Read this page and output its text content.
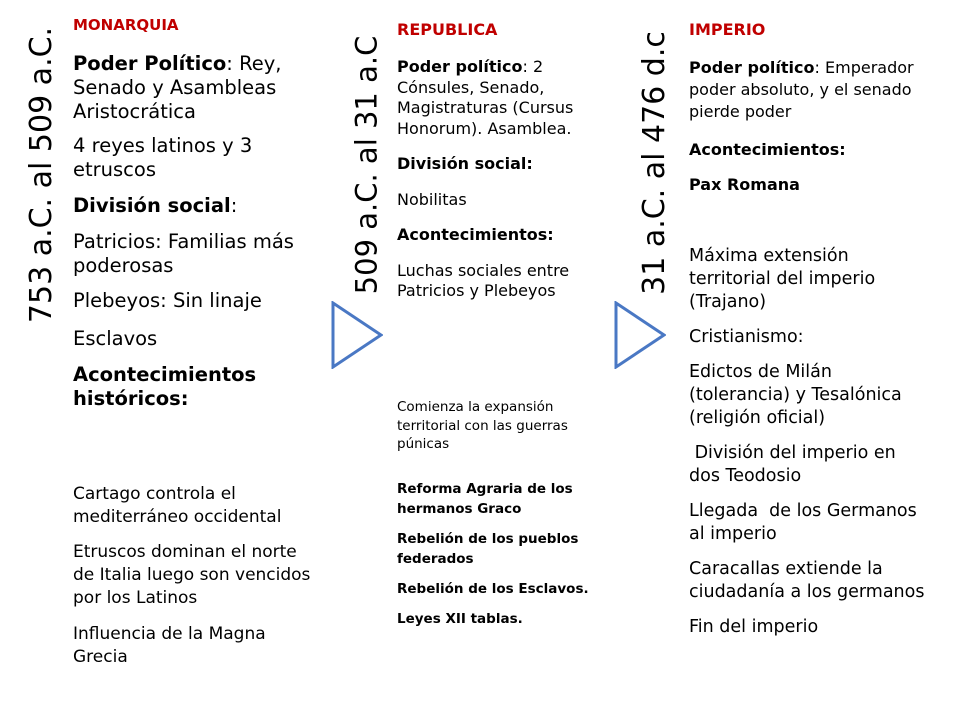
753 a.C. al 509 a.C.	509 a.C. al 31 a.C	31 a.C. al 476 d.c

MONARQUIA

Poder Político: Rey, Senado y Asambleas Aristocrática

4 reyes latinos y 3 etruscos

División social:

Patricios: Familias más poderosas

Plebeyos: Sin linaje

Esclavos

Acontecimientos históricos:

Cartago controla el mediterráneo occidental

Etruscos dominan el norte de Italia luego son vencidos por los Latinos

Influencia de la Magna Grecia

REPUBLICA

Poder político: 2 Cónsules, Senado, Magistraturas (Cursus Honorum). Asamblea.

División social:

Nobilitas

Acontecimientos:

Luchas sociales entre Patricios y Plebeyos

Comienza la expansión territorial con las guerras púnicas

Reforma Agraria de los hermanos Graco

Rebelión de los pueblos federados

Rebelión de los Esclavos.

Leyes XII tablas.

IMPERIO

Poder político: Emperador poder absoluto, y el senado pierde poder

Acontecimientos:

Pax Romana

Máxima extensión territorial del imperio (Trajano)

Cristianismo:

Edictos de Milán (tolerancia) y Tesalónica (religión oficial)

División del imperio en dos Teodosio

Llegada  de los Germanos al imperio

Caracallas extiende la ciudadanía a los germanos

Fin del imperio
